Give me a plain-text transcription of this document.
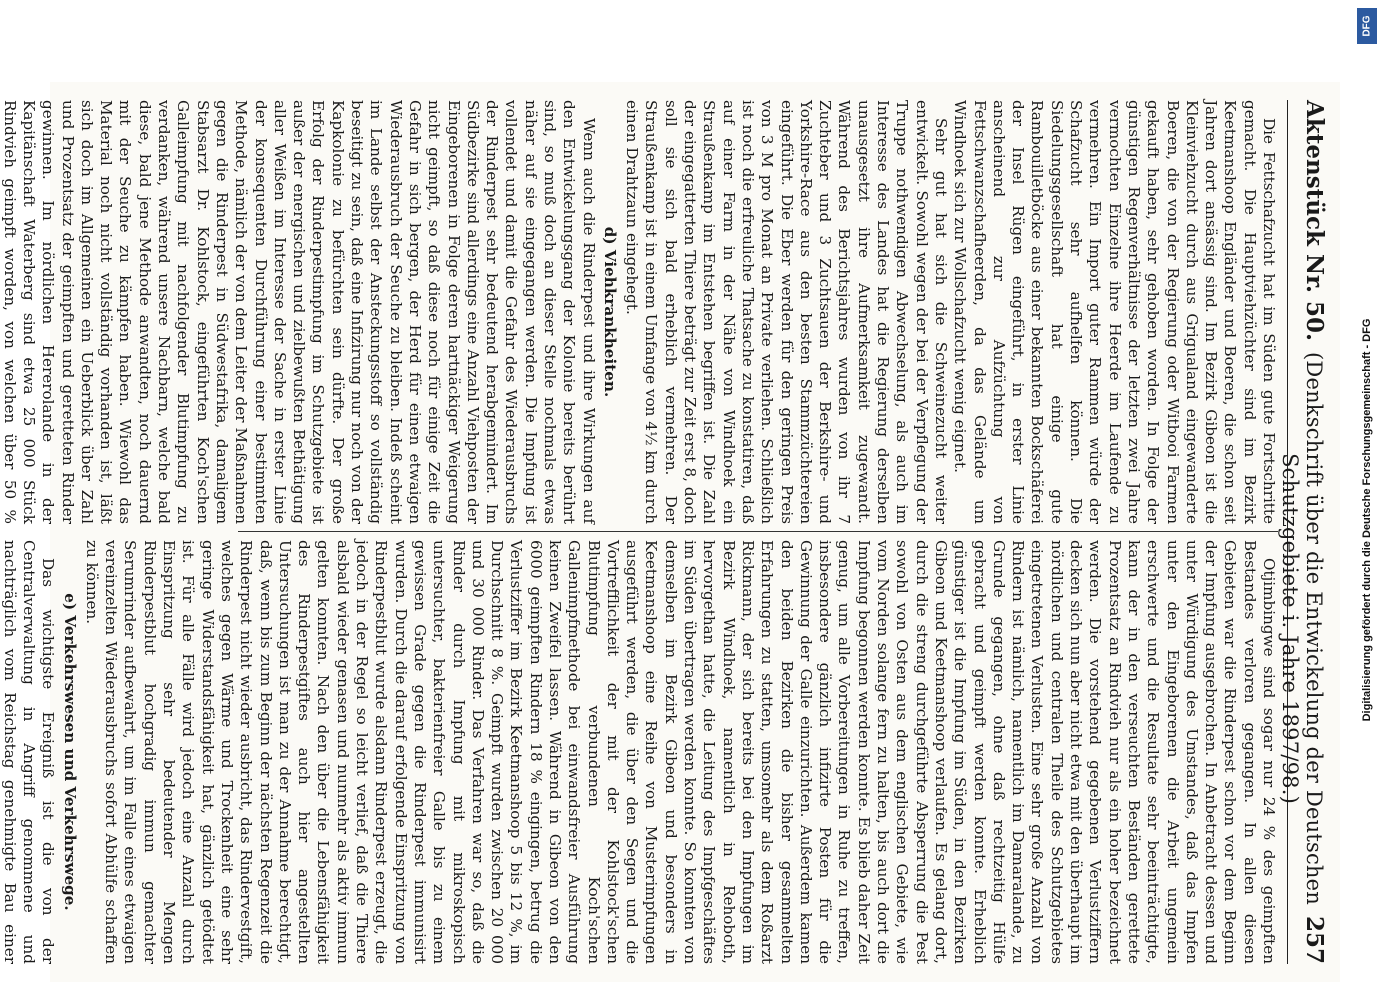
Aktenstück Nr. 50.
(Denkschrift über die Entwickelung der Deutschen Schutzgebiete i. Jahre 1897/98.)
257

Die Fettschafzucht hat im Süden gute Fortschritte gemacht. Die Hauptviehzüchter sind im Bezirk Keetmanshoop Engländer und Boeren, die schon seit Jahren dort ansässig sind. Im Bezirk Gibeon ist die Kleinviehzucht durch aus Grigualand eingewanderte Boeren, die von der Regierung oder Witbooi Farmen gekauft haben, sehr gehoben worden. In Folge der günstigen Regenverhältnisse der letzten zwei Jahre vermochten Einzelne ihre Heerde im Laufende zu vermehren. Ein Import guter Rammen würde der Schafzucht sehr aufhelfen können. Die Siedelungsgesellschaft hat einige gute Rambouilletböcke aus einer bekannten Bockschäferei der Insel Rügen eingeführt, in erster Linie anscheinend zur Aufzüchtung von Fettschwanzschafheerden, da das Gelände um Windhoek sich zur Wollschafzucht wenig eignet.

Sehr gut hat sich die Schweinezucht weiter entwickelt. Sowohl wegen der bei der Verpflegung der Truppe nothwendigen Abwechselung, als auch im Interesse des Landes hat die Regierung derselben unausgesetzt ihre Aufmerksamkeit zugewandt. Während des Berichtsjahres wurden von ihr 7 Zuchteber und 3 Zuchtsauen der Berkshire- und Yorkshire-Race aus den besten Stammzüchtereien eingeführt. Die Eber werden für den geringen Preis von 3 M pro Monat an Private verliehen. Schließlich ist noch die erfreuliche Thatsache zu konstatiren, daß auf einer Farm in der Nähe von Windhoek ein Straußenkamp im Entstehen begriffen ist. Die Zahl der eingegatterten Thiere beträgt zur Zeit erst 8, doch soll sie sich bald erheblich vermehren. Der Straußenkamp ist in einem Umfange von 4½ km durch einen Drahtzaun eingehegt.

d) Viehkrankheiten.

Wenn auch die Rinderpest und ihre Wirkungen auf den Entwickelungsgang der Kolonie bereits berührt sind, so muß doch an dieser Stelle nochmals etwas näher auf sie eingegangen werden. Die Impfung ist vollendet und damit die Gefahr des Wiederausbruchs der Rinderpest sehr bedeutend herabgemindert. Im Südbezirke sind allerdings eine Anzahl Viehposten der Eingeborenen in Folge deren hartnäckiger Weigerung nicht geimpft, so daß diese noch für einige Zeit die Gefahr in sich bergen, der Herd für einen etwaigen Wiederausbruch der Seuche zu bleiben. Indeß scheint im Lande selbst der Ansteckungsstoff so vollständig beseitigt zu sein, daß eine Infizirung nur noch von der Kapkolonie zu befürchten sein dürfte. Der große Erfolg der Rinderpestimpfung im Schutzgebiete ist außer der energischen und zielbewußten Bethätigung aller Weißen im Interesse der Sache in erster Linie der konsequenten Durchführung einer bestimmten Methode, nämlich der von dem Leiter der Maßnahmen gegen die Rinderpest in Südwestafrika, damaligem Stabsarzt Dr. Kohlstock, eingeführten Koch'schen Galleimpfung mit nachfolgender Blutimpfung zu verdanken, während unsere Nachbarn, welche bald diese, bald jene Methode anwandten, noch dauernd mit der Seuche zu kämpfen haben. Wiewohl das Material noch nicht vollständig vorhanden ist, läßt sich doch im Allgemeinen ein Ueberblick über Zahl und Prozentsatz der geimpften und geretteten Rinder gewinnen. Im nördlichen Hererolande in der Kapitänschaft Waterberg sind etwa 25 000 Stück Rindvieh geimpft worden, von welchen über 50 %

Otjimbingwe sind sogar nur 24 % des geimpften Bestandes verloren gegangen. In allen diesen Gebieten war die Rinderpest schon vor dem Beginn der Impfung ausgebrochen. In Anbetracht dessen und unter Würdigung des Umstandes, daß das Impfen unter den Eingeborenen die Arbeit ungemein erschwerte und die Resultate sehr beeinträchtigte, kann der in den verseuchten Beständen gerettete Prozentsatz an Rindvieh nur als ein hoher bezeichnet werden. Die vorstehend gegebenen Verlustziffern decken sich nun aber nicht etwa mit den überhaupt im nördlichen und centralen Theile des Schutzgebietes eingetretenen Verlusten. Eine sehr große Anzahl von Rindern ist nämlich, namentlich im Damaralande, zu Grunde gegangen, ohne daß rechtzeitig Hülfe gebracht und geimpft werden konnte. Erheblich günstiger ist die Impfung im Süden, in den Bezirken Gibeon und Keetmanshoop verlaufen. Es gelang dort, durch die streng durchgeführte Absperrung die Pest sowohl von Osten aus dem englischen Gebiete, wie vom Norden solange fern zu halten, bis auch dort die Impfung begonnen werden konnte. Es blieb daher Zeit genug, um alle Vorbereitungen in Ruhe zu treffen, insbesondere gänzlich infizirte Posten für die Gewinnung der Galle einzurichten. Außerdem kamen den beiden Bezirken die bisher gesammelten Erfahrungen zu statten, umsomehr als dem Roßarzt Rickmann, der sich bereits bei den Impfungen im Bezirk Windhoek, namentlich in Rehoboth, hervorgethan hatte, die Leitung des Impfgeschäftes im Süden übertragen werden konnte. So konnten von demselben im Bezirk Gibeon und besonders in Keetmanshoop eine Reihe von Musterimpfungen ausgeführt werden, die über den Segen und die Vortrefflichkeit der mit der Kohlstock'schen Blutimpfung verbundenen Koch'schen Gallenimpfmethode bei einwandsfreier Ausführung keinen Zweifel lassen. Während in Gibeon von den 6000 geimpften Rindern 18 % eingingen, betrug die Verlustziffer im Bezirk Keetmanshoop 5 bis 12 %, im Durchschnitt 8 %. Geimpft wurden zwischen 20 000 und 30 000 Rinder. Das Verfahren war so, daß die Rinder durch Impfung mit mikroskopisch untersuchter, bakterienfreier Galle bis zu einem gewissen Grade gegen die Rinderpest immunisirt wurden. Durch die darauf erfolgende Einspritzung von Rinderpestblut wurde alsdann Rinderpest erzeugt, die jedoch in der Regel so leicht verlief, daß die Thiere alsbald wieder genasen und nunmehr als aktiv immun gelten konnten. Nach den über die Lebensfähigkeit des Rinderpestgiftes auch hier angestellten Untersuchungen ist man zu der Annahme berechtigt, daß, wenn bis zum Beginn der nächsten Regenzeit die Rinderpest nicht wieder ausbricht, das Rindervestgift, welches gegen Wärme und Trockenheit eine sehr geringe Widerstandsfähigkeit hat, gänzlich getödtet ist. Für alle Fälle wird jedoch eine Anzahl durch Einspritzung sehr bedeutender Mengen Rinderpestblut hochgradig immun gemachter Serumrinder aufbewahrt, um im Falle eines etwaigen vereinzelten Wiederausbruchs sofort Abhülfe schaffen zu können.

e) Verkehrswesen und Verkehrswege.

Das wichtigste Ereigniß ist die von der Centralverwaltung in Angriff genommene und nachträglich vom Reichstag genehmigte Bau einer

DFG
Digitalisierung gefördert durch die Deutsche Forschungsgemeinschaft - DFG
